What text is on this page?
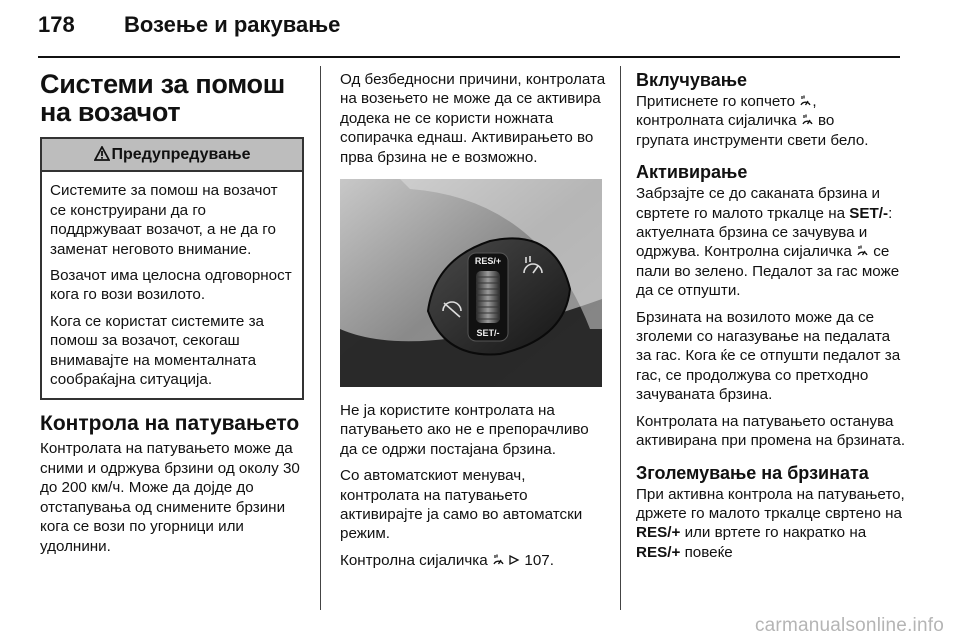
178 Возење и ракување
Системи за помош на возачот
Предупредување

Системите за помош на возачот се конструирани да го поддржуваат возачот, а не да го заменат неговото внимание.

Возачот има целосна одговорност кога го вози возилото.

Кога се користат системите за помош за возачот, секогаш внимавајте на моменталната сообраќајна ситуација.

Контрола на патувањето

Контролата на патувањето може да сними и одржува брзини од околу 30 до 200 км/ч. Може да дојде до отстапувања од снимените брзини кога се вози по угорници или удолнини.

Од безбедносни причини, контролата на возењето не може да се активира додека не се користи ножната сопирачка еднаш. Активирањето во прва брзина не е возможно.

RES/+
SET/-

Не ја користите контролата на патувањето ако не е препорачливо да се одржи постајана брзина.

Со автоматскиот менувач, контролата на патувањето активирајте ја само во автоматски режим.

Контролна сијаличка 107.

Вклучување

Притиснете го копчето ,
контролната сијаличка во
групата инструменти свети бело.

Активирање

Забрзајте се до саканата брзина и свртете го малото тркалце на SET/-: актуелната брзина се зачувува и одржува. Контролна сијаличка се пали во зелено. Педалот за гас може да се отпушти.

Брзината на возилото може да се зголеми со нагазување на педалата за гас. Кога ќе се отпушти педалот за гас, се продолжува со претходно зачуваната брзина.

Контролата на патувањето останува активирана при промена на брзината.

Зголемување на брзината

При активна контрола на патувањето, држете го малото тркалце свртено на RES/+ или вртете го накратко на RES/+ повеќе

carmanualsonline.info
